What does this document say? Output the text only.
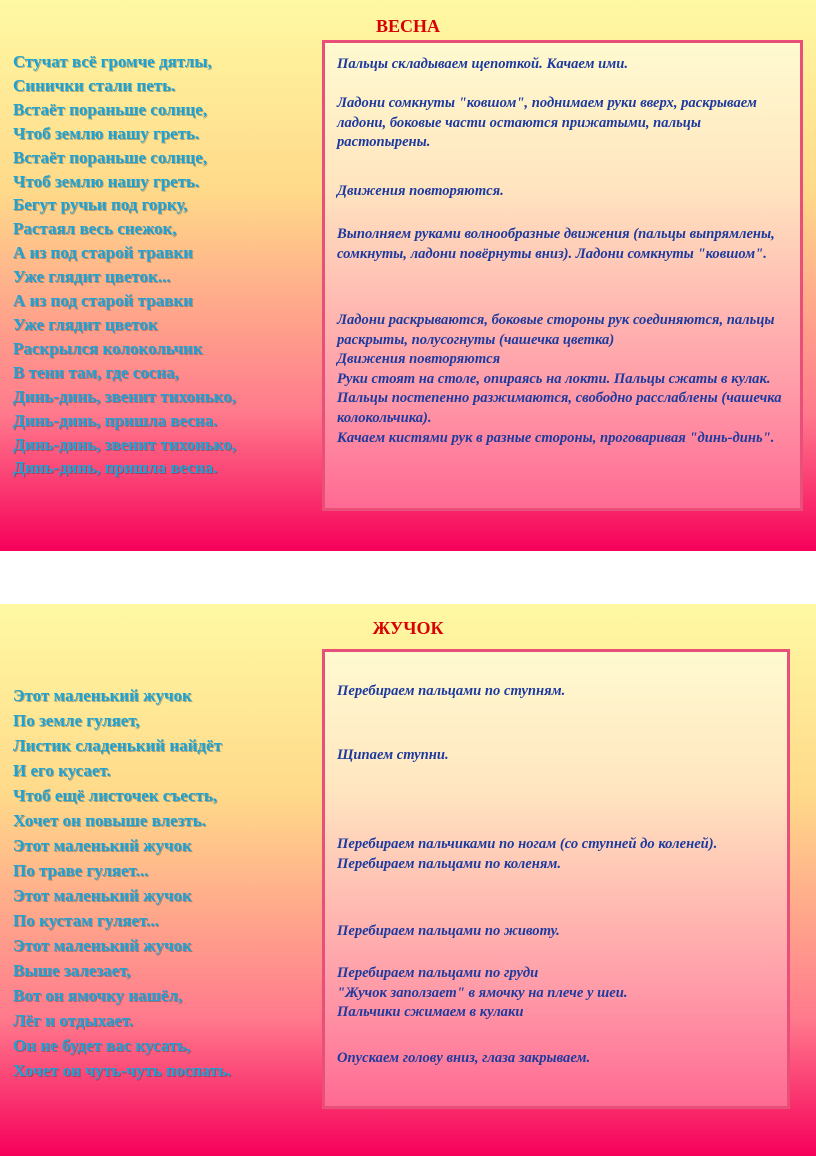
ВЕСНА
Стучат всё громче дятлы,
Синички стали петь.
Встаёт пораньше солнце,
Чтоб землю нашу греть.
Встаёт пораньше солнце,
Чтоб землю нашу греть.
Бегут ручьи под горку,
Растаял весь снежок,
А из под старой травки
Уже глядит цветок...
А из под старой травки
Уже глядит цветок
Раскрылся колокольчик
В тени там, где сосна,
Динь-динь, звенит тихонько,
Динь-динь, пришла весна.
Динь-динь, звенит тихонько,
Динь-динь, пришла весна.

Пальцы складываем щепоткой. Качаем ими.

Ладони сомкнуты "ковшом", поднимаем руки вверх, раскрываем ладони, боковые части остаются прижатыми, пальцы растопырены.

Движения повторяются.

Выполняем руками волнообразные движения (пальцы выпрямлены, сомкнуты, ладони повёрнуты вниз). Ладони сомкнуты "ковшом".

Ладони раскрываются, боковые стороны рук соединяются, пальцы раскрыты, полусогнуты (чашечка цветка)
Движения повторяются
Руки стоят на столе, опираясь на локти. Пальцы сжаты в кулак. Пальцы постепенно разжимаются, свободно расслаблены (чашечка колокольчика).
Качаем кистями рук в разные стороны, проговаривая "динь-динь".

ЖУЧОК
Этот маленький жучок
По земле гуляет,
Листик сладенький найдёт
И его кусает.
Чтоб ещё листочек съесть,
Хочет он повыше влезть.
Этот маленький жучок
По траве гуляет...
Этот маленький жучок
По кустам гуляет...
Этот маленький жучок
Выше залезает,
Вот он ямочку нашёл,
Лёг и отдыхает.
Он не будет вас кусать,
Хочет он чуть-чуть поспать.

Перебираем пальцами по ступням.

Щипаем ступни.

Перебираем пальчиками по ногам (со ступней до коленей). Перебираем пальцами по коленям.

Перебираем пальцами по животу.

Перебираем пальцами по груди
"Жучок заползает" в ямочку на плече у шеи.
Пальчики сжимаем в кулаки

Опускаем голову вниз, глаза закрываем.
